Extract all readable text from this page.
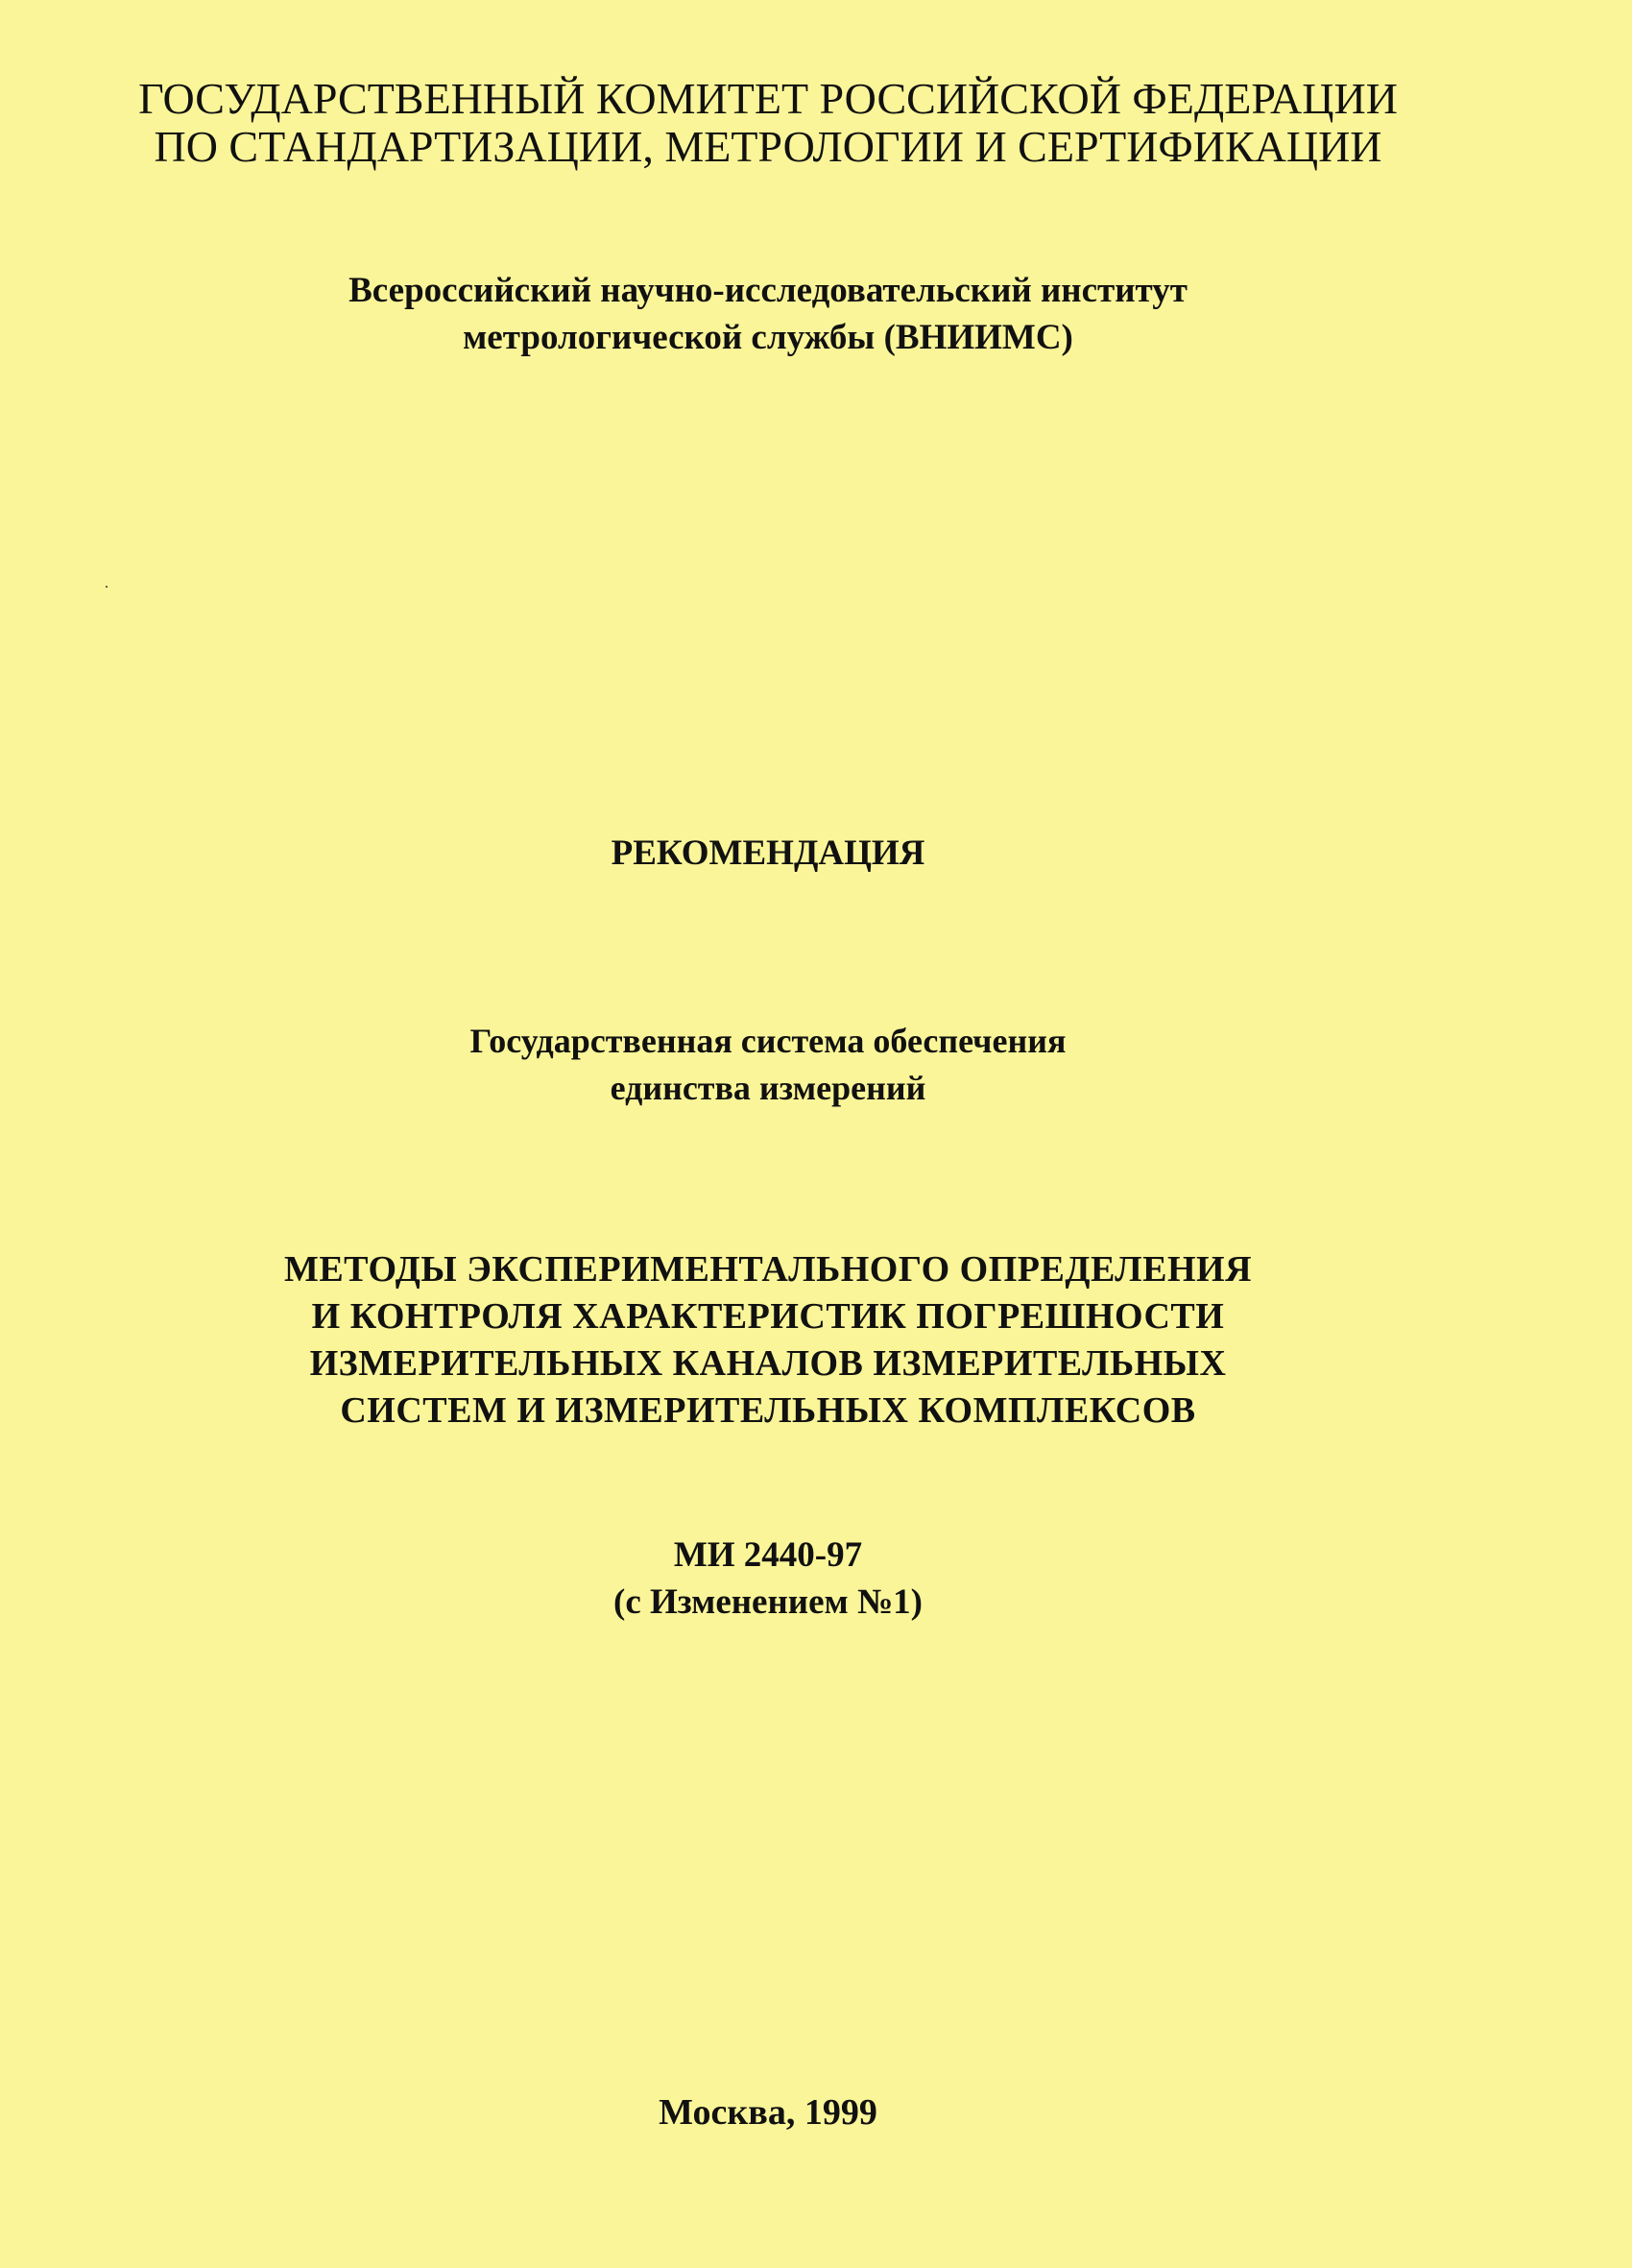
ГОСУДАРСТВЕННЫЙ КОМИТЕТ РОССИЙСКОЙ ФЕДЕРАЦИИ
ПО СТАНДАРТИЗАЦИИ, МЕТРОЛОГИИ И СЕРТИФИКАЦИИ
Всероссийский научно-исследовательский институт
метрологической службы (ВНИИМС)
РЕКОМЕНДАЦИЯ
Государственная система обеспечения
единства измерений
МЕТОДЫ ЭКСПЕРИМЕНТАЛЬНОГО ОПРЕДЕЛЕНИЯ
И КОНТРОЛЯ ХАРАКТЕРИСТИК ПОГРЕШНОСТИ
ИЗМЕРИТЕЛЬНЫХ КАНАЛОВ ИЗМЕРИТЕЛЬНЫХ
СИСТЕМ И ИЗМЕРИТЕЛЬНЫХ КОМПЛЕКСОВ
МИ 2440-97
(с Изменением №1)
Москва, 1999
